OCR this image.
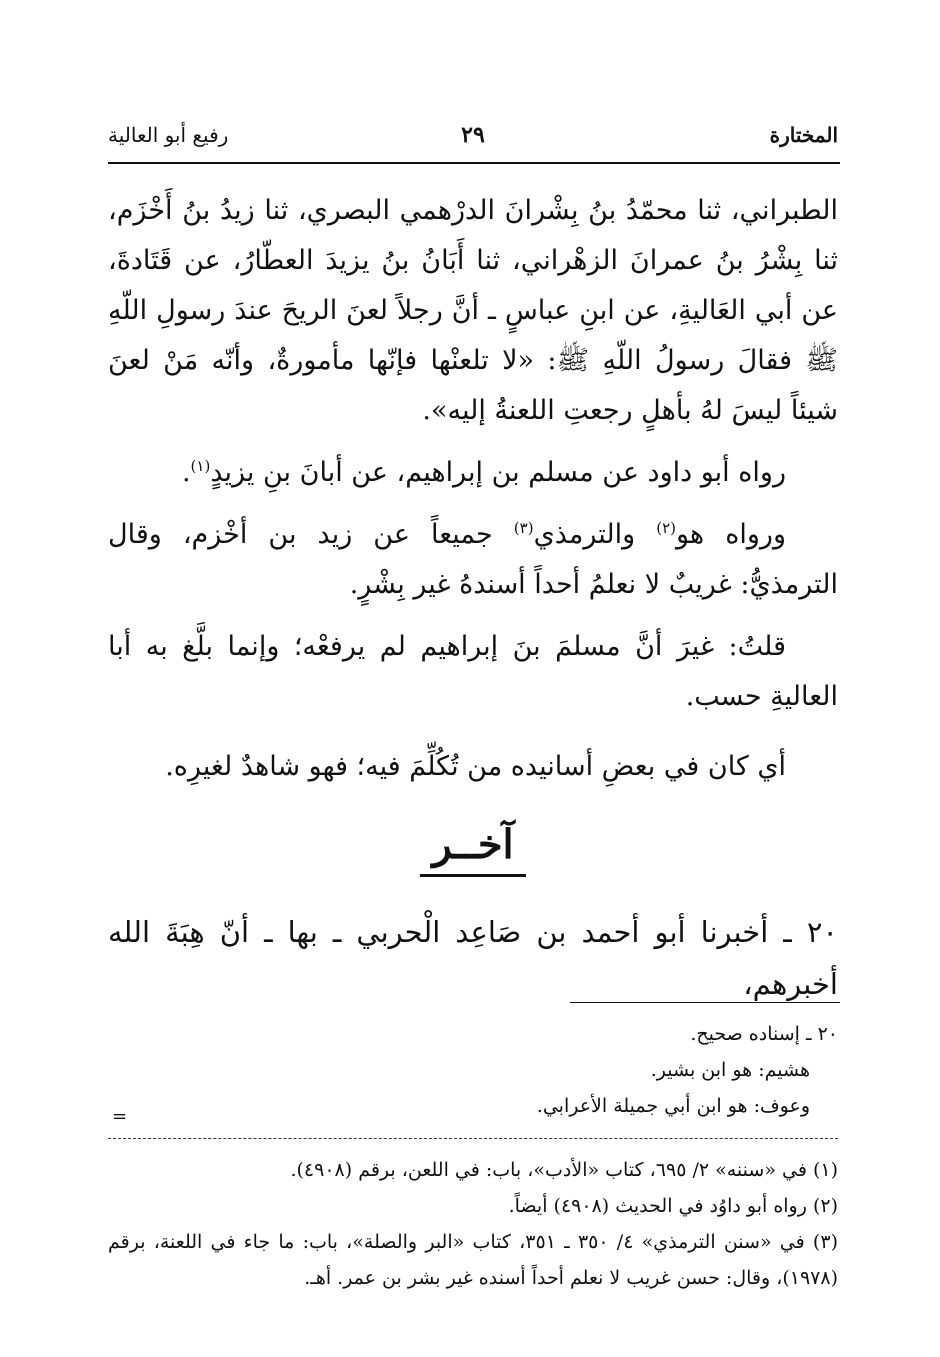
المختارة
٢٩
رفيع أبو العالية

الطبراني، ثنا محمّدُ بنُ بِشْرانَ الدرْهمي البصري، ثنا زيدُ بنُ أَخْزَم، ثنا بِشْرُ بنُ عمرانَ الزهْراني، ثنا أَبَانُ بنُ يزيدَ العطّارُ، عن قَتَادةَ، عن أبي العَاليةِ، عن ابنِ عباسٍ ـ أنَّ رجلاً لعنَ الريحَ عندَ رسولِ اللّهِ ﷺ فقالَ رسولُ اللّهِ ﷺ: «لا تلعنْها فإنّها مأمورةٌ، وأنّه مَنْ لعنَ شيئاً ليسَ لهُ بأهلٍ رجعتِ اللعنةُ إليه».

رواه أبو داود عن مسلم بن إبراهيم، عن أبانَ بنِ يزيدٍ$^{(١)}$.

ورواه هو$^{(٢)}$ والترمذي$^{(٣)}$ جميعاً عن زيد بن أخْزم، وقال الترمذيُّ: غريبٌ لا نعلمُ أحداً أسندهُ غير بِشْرٍ.

قلتُ: غيرَ أنَّ مسلمَ بنَ إبراهيم لم يرفعْه؛ وإنما بلَّغ به أبا العاليةِ حسب.

أي كان في بعضِ أسانيده من تُكُلِّمَ فيه؛ فهو شاهدٌ لغيرِه.

آخــر

٢٠ ـ أخبرنا أبو أحمد بن صَاعِد الْحربي ـ بها ـ أنّ هِبَةَ الله أخبرهم،

٢٠ ـ إسناده صحيح.
هشيم: هو ابن بشير.
وعوف: هو ابن أبي جميلة الأعرابي.
=

(١) في «سننه» ٢/ ٦٩٥، كتاب «الأدب»، باب: في اللعن، برقم (٤٩٠٨).

(٢) رواه أبو داوُد في الحديث (٤٩٠٨) أيضاً.

(٣) في «سنن الترمذي» ٤/ ٣٥٠ ـ ٣٥١، كتاب «البر والصلة»، باب: ما جاء في اللعنة، برقم (١٩٧٨)، وقال: حسن غريب لا نعلم أحداً أسنده غير بشر بن عمر. أهـ.
